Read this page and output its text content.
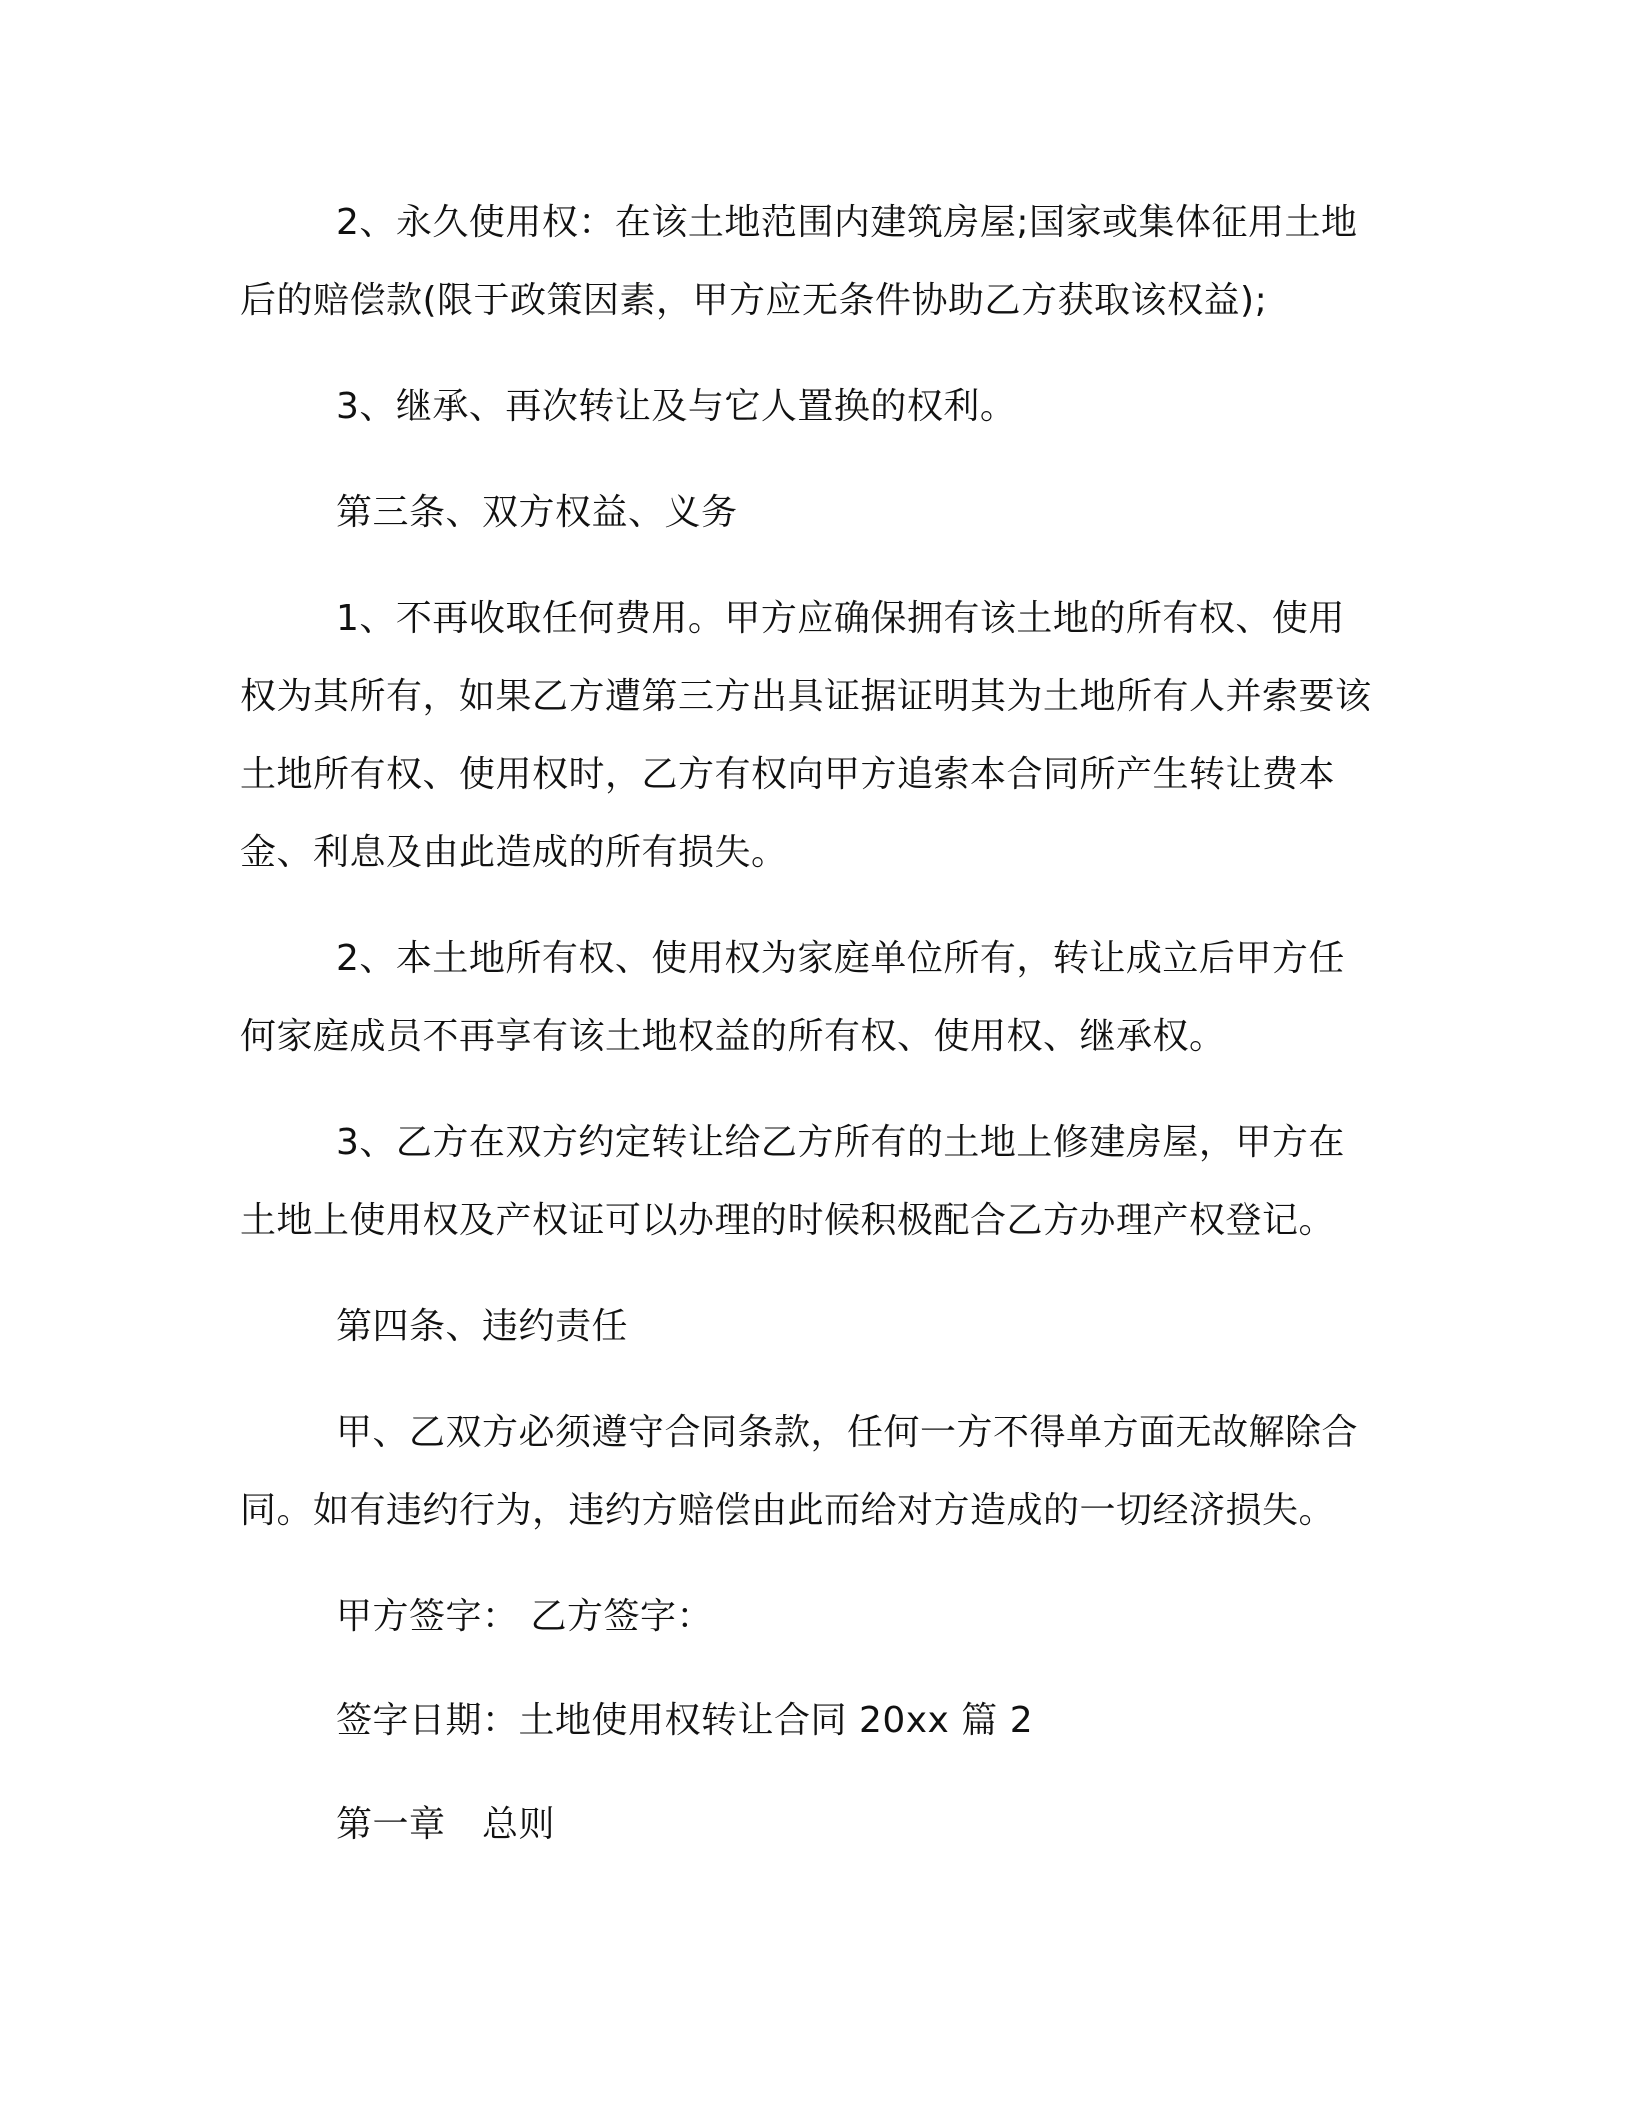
2、永久使用权：在该土地范围内建筑房屋;国家或集体征用土地后的赔偿款(限于政策因素，甲方应无条件协助乙方获取该权益);

3、继承、再次转让及与它人置换的权利。

第三条、双方权益、义务

1、不再收取任何费用。甲方应确保拥有该土地的所有权、使用权为其所有，如果乙方遭第三方出具证据证明其为土地所有人并索要该土地所有权、使用权时，乙方有权向甲方追索本合同所产生转让费本金、利息及由此造成的所有损失。

2、本土地所有权、使用权为家庭单位所有，转让成立后甲方任何家庭成员不再享有该土地权益的所有权、使用权、继承权。

3、乙方在双方约定转让给乙方所有的土地上修建房屋，甲方在土地上使用权及产权证可以办理的时候积极配合乙方办理产权登记。

第四条、违约责任

甲、乙双方必须遵守合同条款，任何一方不得单方面无故解除合同。如有违约行为，违约方赔偿由此而给对方造成的一切经济损失。

甲方签字： 乙方签字：

签字日期：土地使用权转让合同 20xx 篇 2

第一章　总则
